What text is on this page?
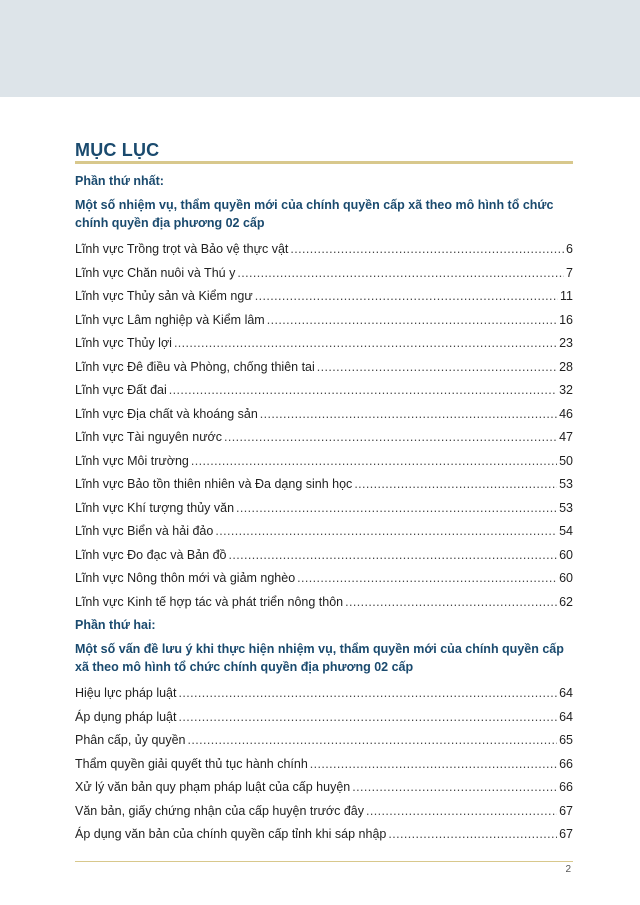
MỤC LỤC
Phần thứ nhất:
Một số nhiệm vụ, thẩm quyền mới của chính quyền cấp xã theo mô hình tổ chức chính quyền địa phương 02 cấp
Lĩnh vực Trồng trọt và Bảo vệ thực vật .....	6
Lĩnh vực Chăn nuôi và Thú y .....	7
Lĩnh vực Thủy sản và Kiểm ngư .....	11
Lĩnh vực Lâm nghiệp và Kiểm lâm .....	16
Lĩnh vực Thủy lợi .....	23
Lĩnh vực Đê điều và Phòng, chống thiên tai .....	28
Lĩnh vực Đất đai .....	32
Lĩnh vực Địa chất và khoáng sản .....	46
Lĩnh vực Tài nguyên nước .....	47
Lĩnh vực Môi trường .....	50
Lĩnh vực Bảo tồn thiên nhiên và Đa dạng sinh học .....	53
Lĩnh vực Khí tượng thủy văn .....	53
Lĩnh vực Biển và hải đảo .....	54
Lĩnh vực Đo đạc và Bản đồ .....	60
Lĩnh vực Nông thôn mới và giảm nghèo .....	60
Lĩnh vực Kinh tế hợp tác và phát triển nông thôn .....	62
Phần thứ hai:
Một số vấn đề lưu ý khi thực hiện nhiệm vụ, thẩm quyền mới của chính quyền cấp xã theo mô hình tổ chức chính quyền địa phương 02 cấp
Hiệu lực pháp luật .....	64
Áp dụng pháp luật .....	64
Phân cấp, ủy quyền .....	65
Thẩm quyền giải quyết thủ tục hành chính .....	66
Xử lý văn bản quy phạm pháp luật của cấp huyện .....	66
Văn bản, giấy chứng nhận của cấp huyện trước đây .....	67
Áp dụng văn bản của chính quyền cấp tỉnh khi sáp nhập .....	67
2
